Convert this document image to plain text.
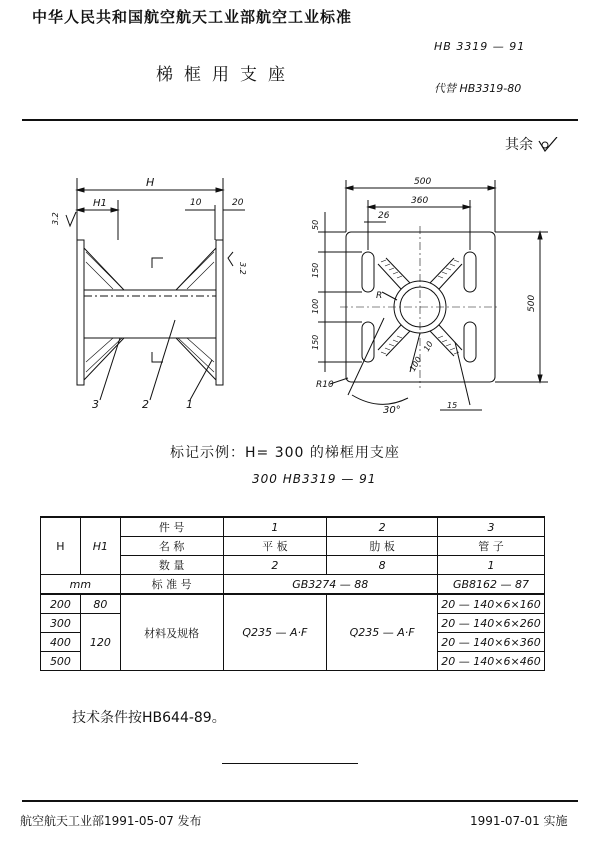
中华人民共和国航空航天工业部航空工业标准
HB 3319 — 91
梯框用支座
代替 HB3319-80
其余
H
H1	10	20
3.2
3.2
3	2	1
500
360
26
500
50
150
100
150
R
R10
10
100
30°	15
标记示例：H= 300 的梯框用支座
300 HB3319 — 91
H	H1	件 号	1	2	3
		名 称	平 板	肋 板	管 子
		数 量	2	8	1
mm		标 准 号	GB3274 — 88		GB8162 — 87
200	80	材料及规格	Q235 — A·F	Q235 — A·F	20 — 140×6×160
300	120				20 — 140×6×260
400					20 — 140×6×360
500					20 — 140×6×460
技术条件按HB644-89。
航空航天工业部1991-05-07 发布	1991-07-01 实施
